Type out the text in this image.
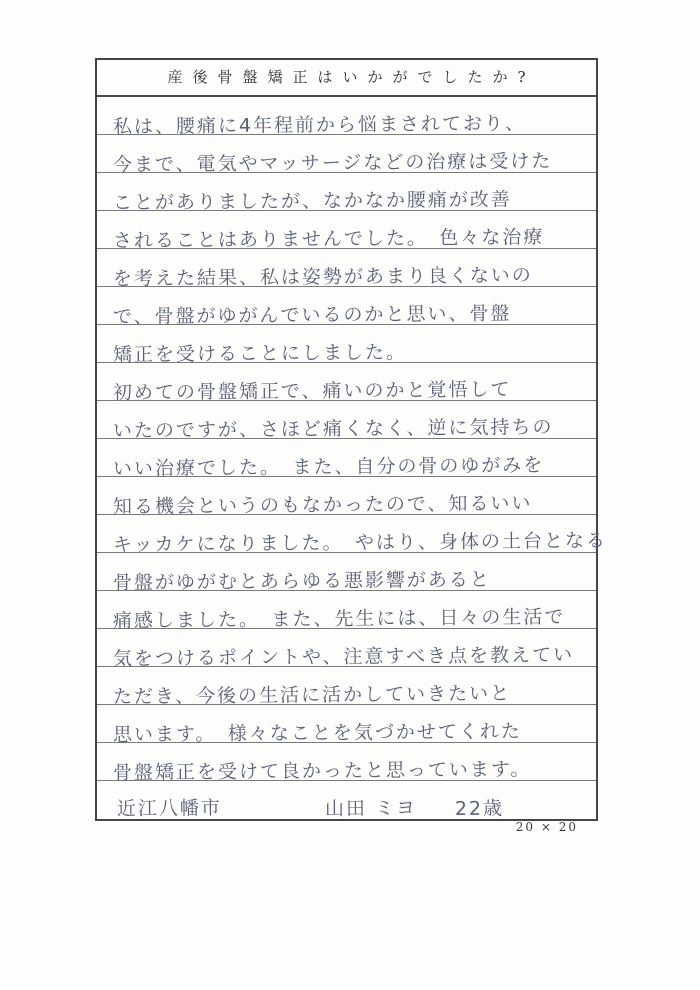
産後骨盤矯正はいかがでしたか?
私は、腰痛に4年程前から悩まされており、
今まで、電気やマッサージなどの治療は受けた
ことがありましたが、なかなか腰痛が改善
されることはありませんでした。　色々な治療
を考えた結果、私は姿勢があまり良くないの
で、骨盤がゆがんでいるのかと思い、骨盤
矯正を受けることにしました。
初めての骨盤矯正で、痛いのかと覚悟して
いたのですが、さほど痛くなく、逆に気持ちの
いい治療でした。　また、自分の骨のゆがみを
知る機会というのもなかったので、知るいい
キッカケになりました。　やはり、身体の土台となる
骨盤がゆがむとあらゆる悪影響があると
痛感しました。　また、先生には、日々の生活で
気をつけるポイントや、注意すべき点を教えてい
ただき、今後の生活に活かしていきたいと
思います。　様々なことを気づかせてくれた
骨盤矯正を受けて良かったと思っています。
近江八幡市	山田 ミヨ 22歳
20 × 20
